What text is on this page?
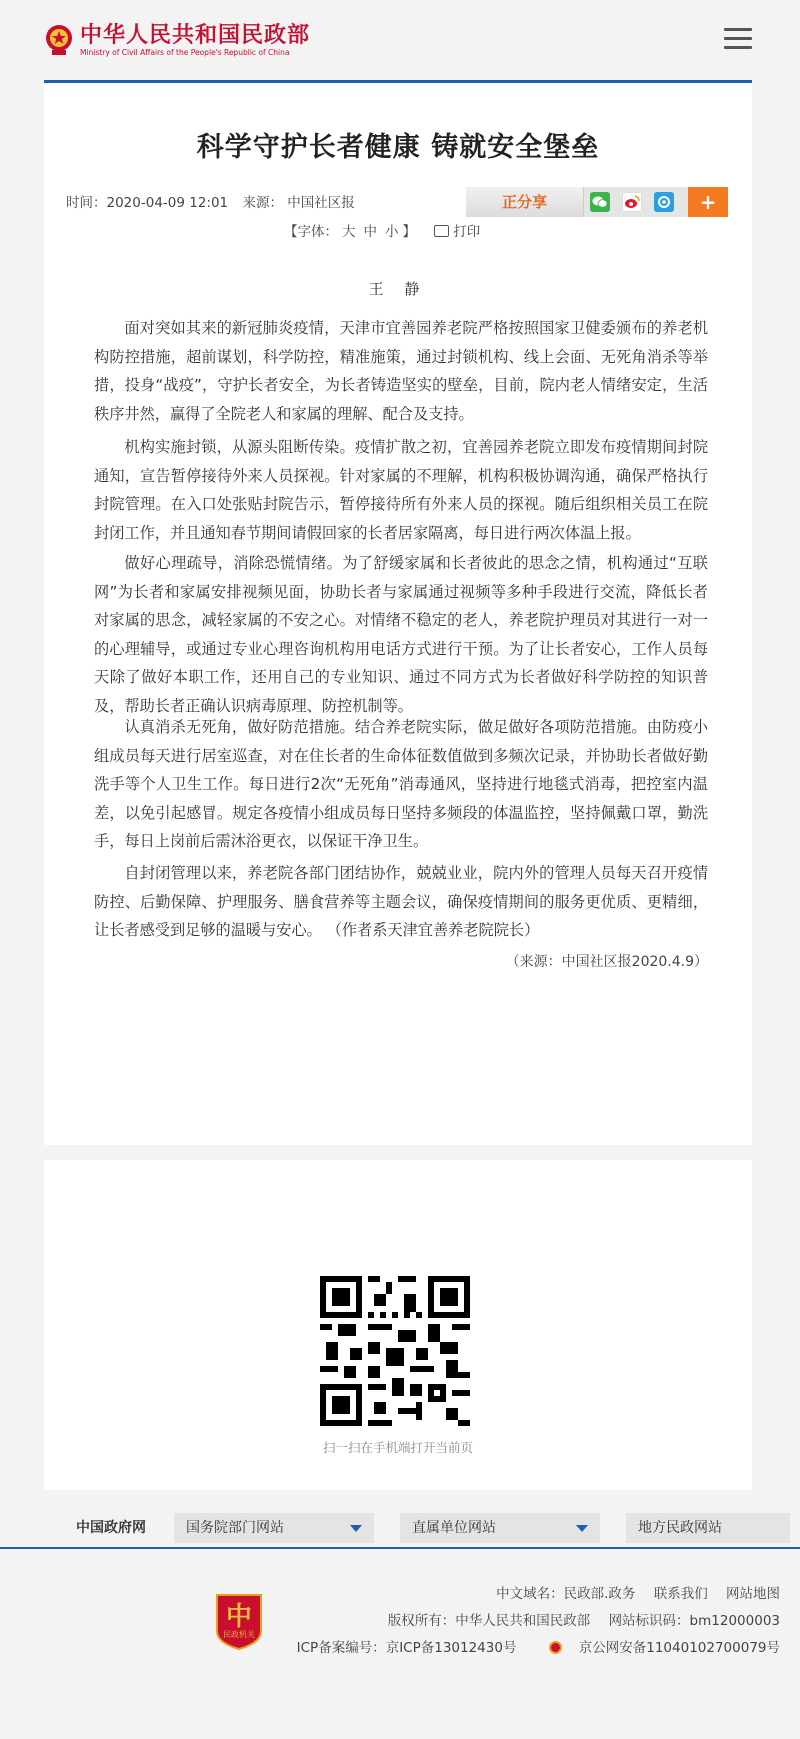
中华人民共和国民政部
Ministry of Civil Affairs of the People's Republic of China
科学守护长者健康 铸就安全堡垒
时间：2020-04-09 12:01 来源： 中国社区报	正分享	+
【字体： 大 中 小 】	打印
王 静

面对突如其来的新冠肺炎疫情，天津市宜善园养老院严格按照国家卫健委颁布的养老机构防控措施，超前谋划，科学防控，精准施策，通过封锁机构、线上会面、无死角消杀等举措，投身“战疫”，守护长者安全，为长者铸造坚实的壁垒，目前，院内老人情绪安定，生活秩序井然，赢得了全院老人和家属的理解、配合及支持。

机构实施封锁，从源头阻断传染。疫情扩散之初，宜善园养老院立即发布疫情期间封院通知，宣告暂停接待外来人员探视。针对家属的不理解，机构积极协调沟通，确保严格执行封院管理。在入口处张贴封院告示，暂停接待所有外来人员的探视。随后组织相关员工在院封闭工作，并且通知春节期间请假回家的长者居家隔离，每日进行两次体温上报。

做好心理疏导，消除恐慌情绪。为了舒缓家属和长者彼此的思念之情，机构通过“互联网”为长者和家属安排视频见面，协助长者与家属通过视频等多种手段进行交流，降低长者对家属的思念，减轻家属的不安之心。对情绪不稳定的老人，养老院护理员对其进行一对一的心理辅导，或通过专业心理咨询机构用电话方式进行干预。为了让长者安心，工作人员每天除了做好本职工作，还用自己的专业知识、通过不同方式为长者做好科学防控的知识普及，帮助长者正确认识病毒原理、防控机制等。

认真消杀无死角，做好防范措施。结合养老院实际，做足做好各项防范措施。由防疫小组成员每天进行居室巡查，对在住长者的生命体征数值做到多频次记录，并协助长者做好勤洗手等个人卫生工作。每日进行2次“无死角”消毒通风，坚持进行地毯式消毒，把控室内温差，以免引起感冒。规定各疫情小组成员每日坚持多频段的体温监控，坚持佩戴口罩，勤洗手，每日上岗前后需沐浴更衣，以保证干净卫生。

自封闭管理以来，养老院各部门团结协作，兢兢业业，院内外的管理人员每天召开疫情防控、后勤保障、护理服务、膳食营养等主题会议，确保疫情期间的服务更优质、更精细，让长者感受到足够的温暖与安心。 （作者系天津宜善养老院院长）

（来源：中国社区报2020.4.9）
扫一扫在手机端打开当前页
中国政府网	国务院部门网站	直属单位网站	地方民政网站
中
民政机关
中文域名：民政部.政务 联系我们 网站地图
版权所有：中华人民共和国民政部 网站标识码：bm12000003
ICP备案编号：京ICP备13012430号	京公网安备11040102700079号
